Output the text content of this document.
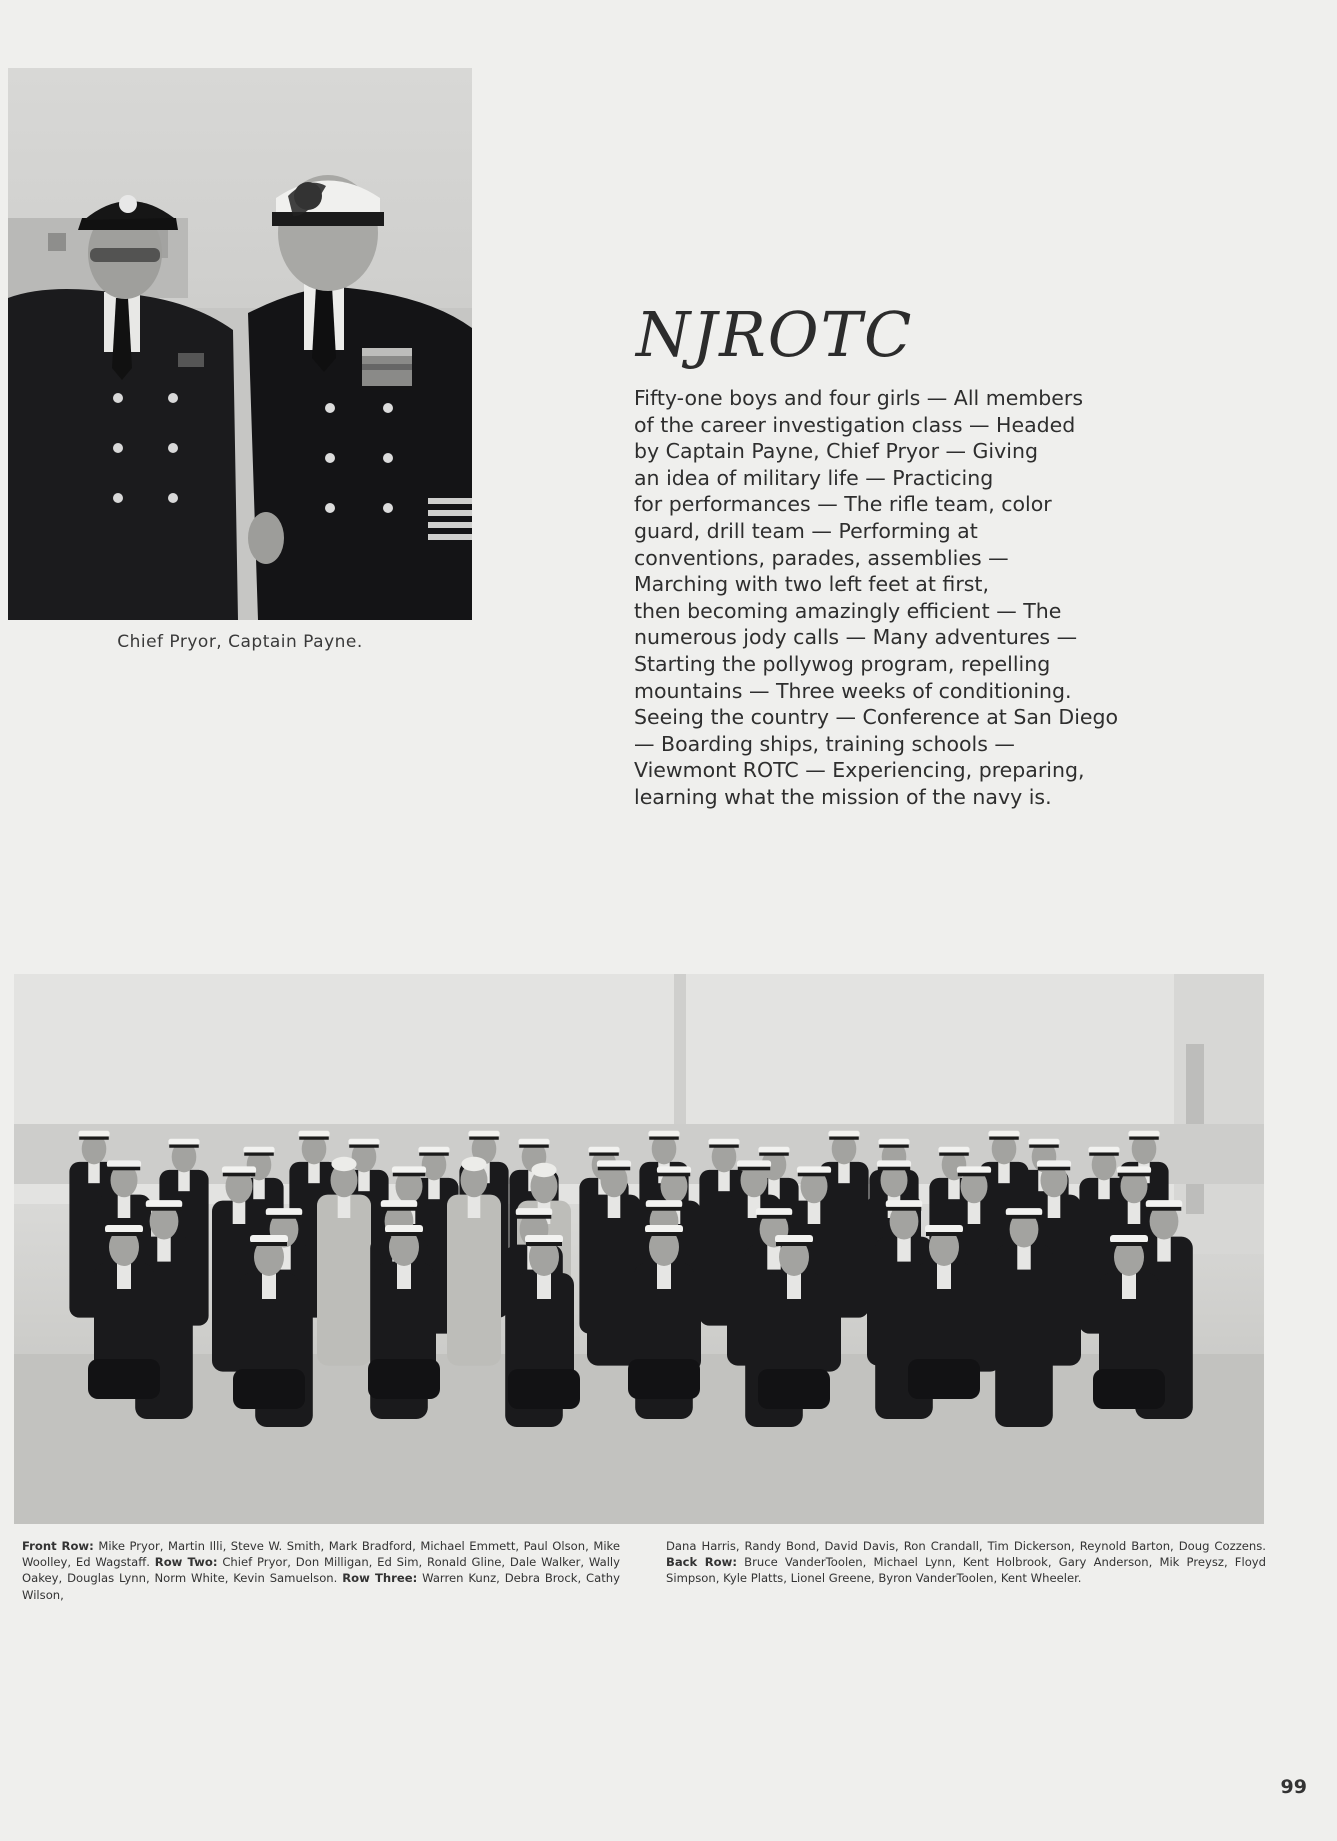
Chief Pryor, Captain Payne.
NJROTC
Fifty-one boys and four girls — All members
of the career investigation class — Headed
by Captain Payne, Chief Pryor — Giving
an idea of military life — Practicing
for performances — The rifle team, color
guard, drill team — Performing at
conventions, parades, assemblies —
Marching with two left feet at first,
then becoming amazingly efficient — The
numerous jody calls — Many adventures —
Starting the pollywog program, repelling
mountains — Three weeks of conditioning.
Seeing the country — Conference at San Diego
— Boarding ships, training schools —
Viewmont ROTC — Experiencing, preparing,
learning what the mission of the navy is.
Front Row: Mike Pryor, Martin Illi, Steve W. Smith, Mark Bradford, Michael Emmett, Paul Olson, Mike Woolley, Ed Wagstaff. Row Two: Chief Pryor, Don Milligan, Ed Sim, Ronald Gline, Dale Walker, Wally Oakey, Douglas Lynn, Norm White, Kevin Samuelson. Row Three: Warren Kunz, Debra Brock, Cathy Wilson,
Dana Harris, Randy Bond, David Davis, Ron Crandall, Tim Dickerson, Reynold Barton, Doug Cozzens. Back Row: Bruce VanderToolen, Michael Lynn, Kent Holbrook, Gary Anderson, Mik Preysz, Floyd Simpson, Kyle Platts, Lionel Greene, Byron VanderToolen, Kent Wheeler.
99
